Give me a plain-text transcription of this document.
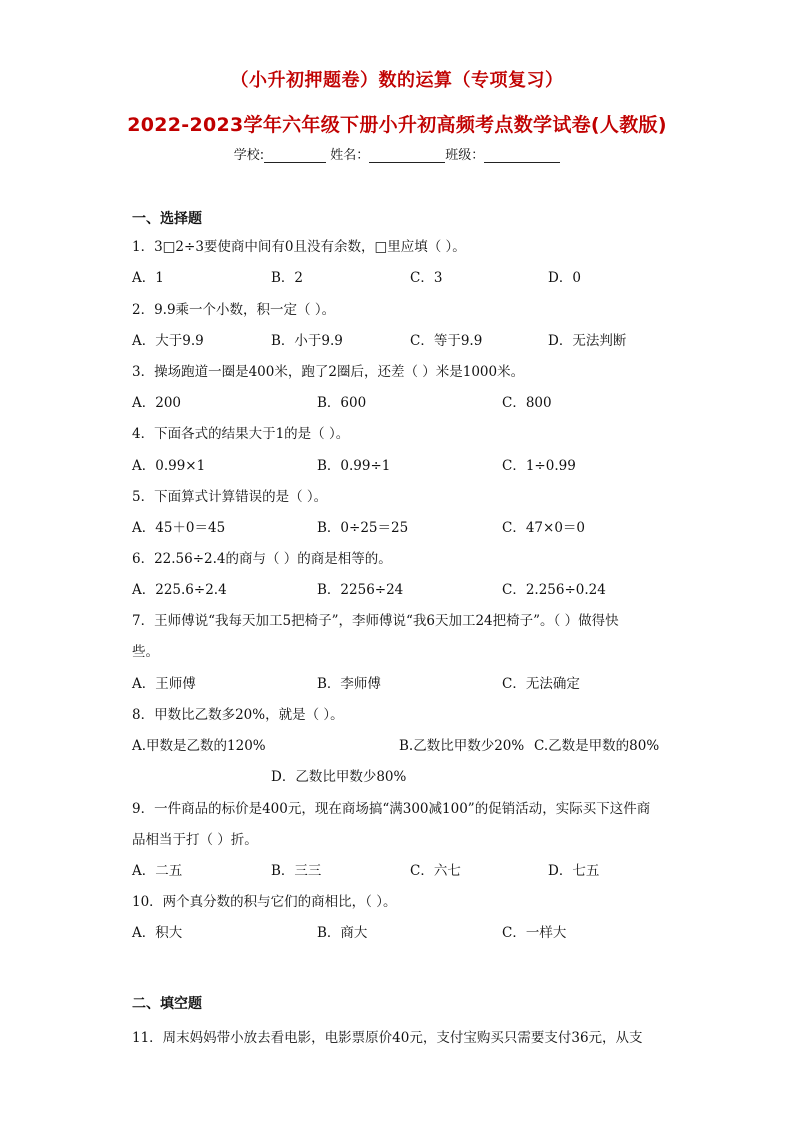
（小升初押题卷）数的运算（专项复习）
2022-2023学年六年级下册小升初高频考点数学试卷(人教版)
学校:	姓名：	班级：
一、选择题
1．3□2÷3要使商中间有0且没有余数，□里应填（ ）。
A．1	B．2	C．3	D．0
2．9.9乘一个小数，积一定（ ）。
A．大于9.9	B．小于9.9	C．等于9.9	D．无法判断
3．操场跑道一圈是400米，跑了2圈后，还差（ ）米是1000米。
A．200	B．600	C．800
4．下面各式的结果大于1的是（ ）。
A．0.99×1	B．0.99÷1	C．1÷0.99
5．下面算式计算错误的是（ ）。
A．45＋0＝45	B．0÷25＝25	C．47×0＝0
6．22.56÷2.4的商与（ ）的商是相等的。
A．225.6÷2.4	B．2256÷24	C．2.256÷0.24
7．王师傅说“我每天加工5把椅子”，李师傅说“我6天加工24把椅子”。（ ）做得快
些。
A．王师傅	B．李师傅	C．无法确定
8．甲数比乙数多20%，就是（ ）。
A.甲数是乙数的120%	B.乙数比甲数少20% C.乙数是甲数的80%
D．乙数比甲数少80%
9．一件商品的标价是400元，现在商场搞“满300减100”的促销活动，实际买下这件商
品相当于打（ ）折。
A．二五	B．三三	C．六七	D．七五
10．两个真分数的积与它们的商相比，（ ）。
A．积大	B．商大	C．一样大
二、填空题
11．周末妈妈带小放去看电影，电影票原价40元，支付宝购买只需要支付36元，从支
